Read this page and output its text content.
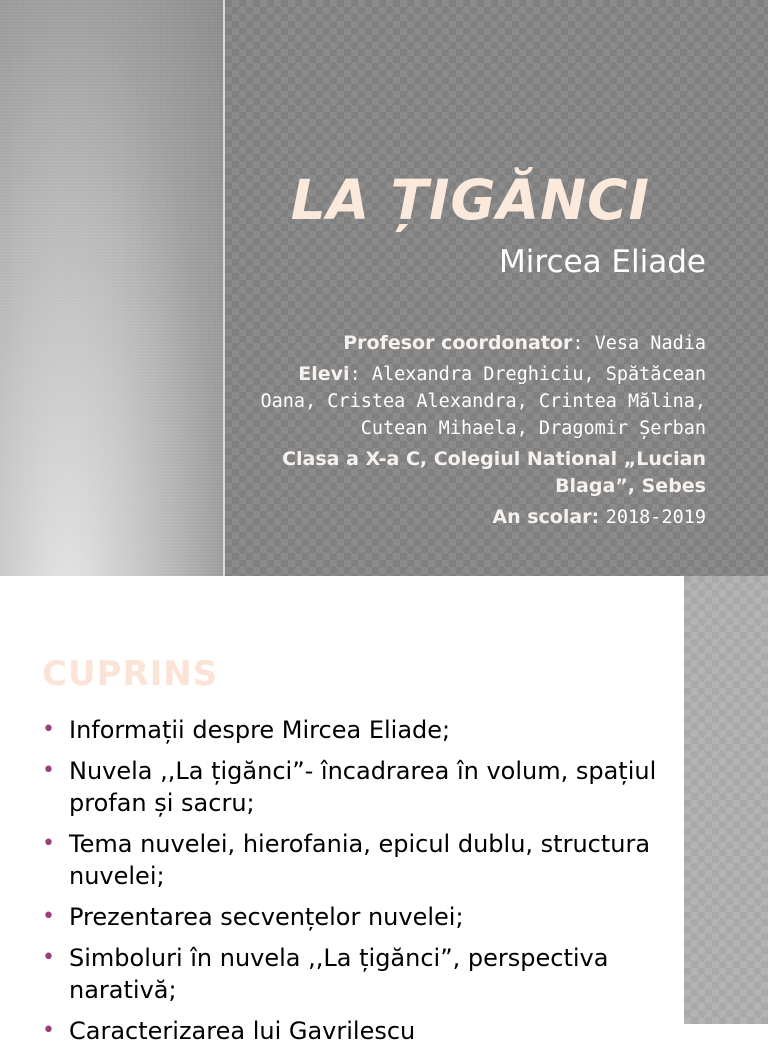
LA ȚIGĂNCI
Mircea Eliade
Profesor coordonator: Vesa Nadia
Elevi: Alexandra Dreghiciu, Spătăcean Oana, Cristea Alexandra, Crintea Mălina, Cutean Mihaela, Dragomir Șerban
Clasa a X-a C, Colegiul National „Lucian Blaga”, Sebes
An scolar: 2018-2019
CUPRINS
• Informații despre Mircea Eliade;
• Nuvela ,,La țigănci”- încadrarea în volum, spațiul profan și sacru;
• Tema nuvelei, hierofania, epicul dublu, structura nuvelei;
• Prezentarea secvențelor nuvelei;
• Simboluri în nuvela ,,La țigănci”, perspectiva narativă;
• Caracterizarea lui Gavrilescu
